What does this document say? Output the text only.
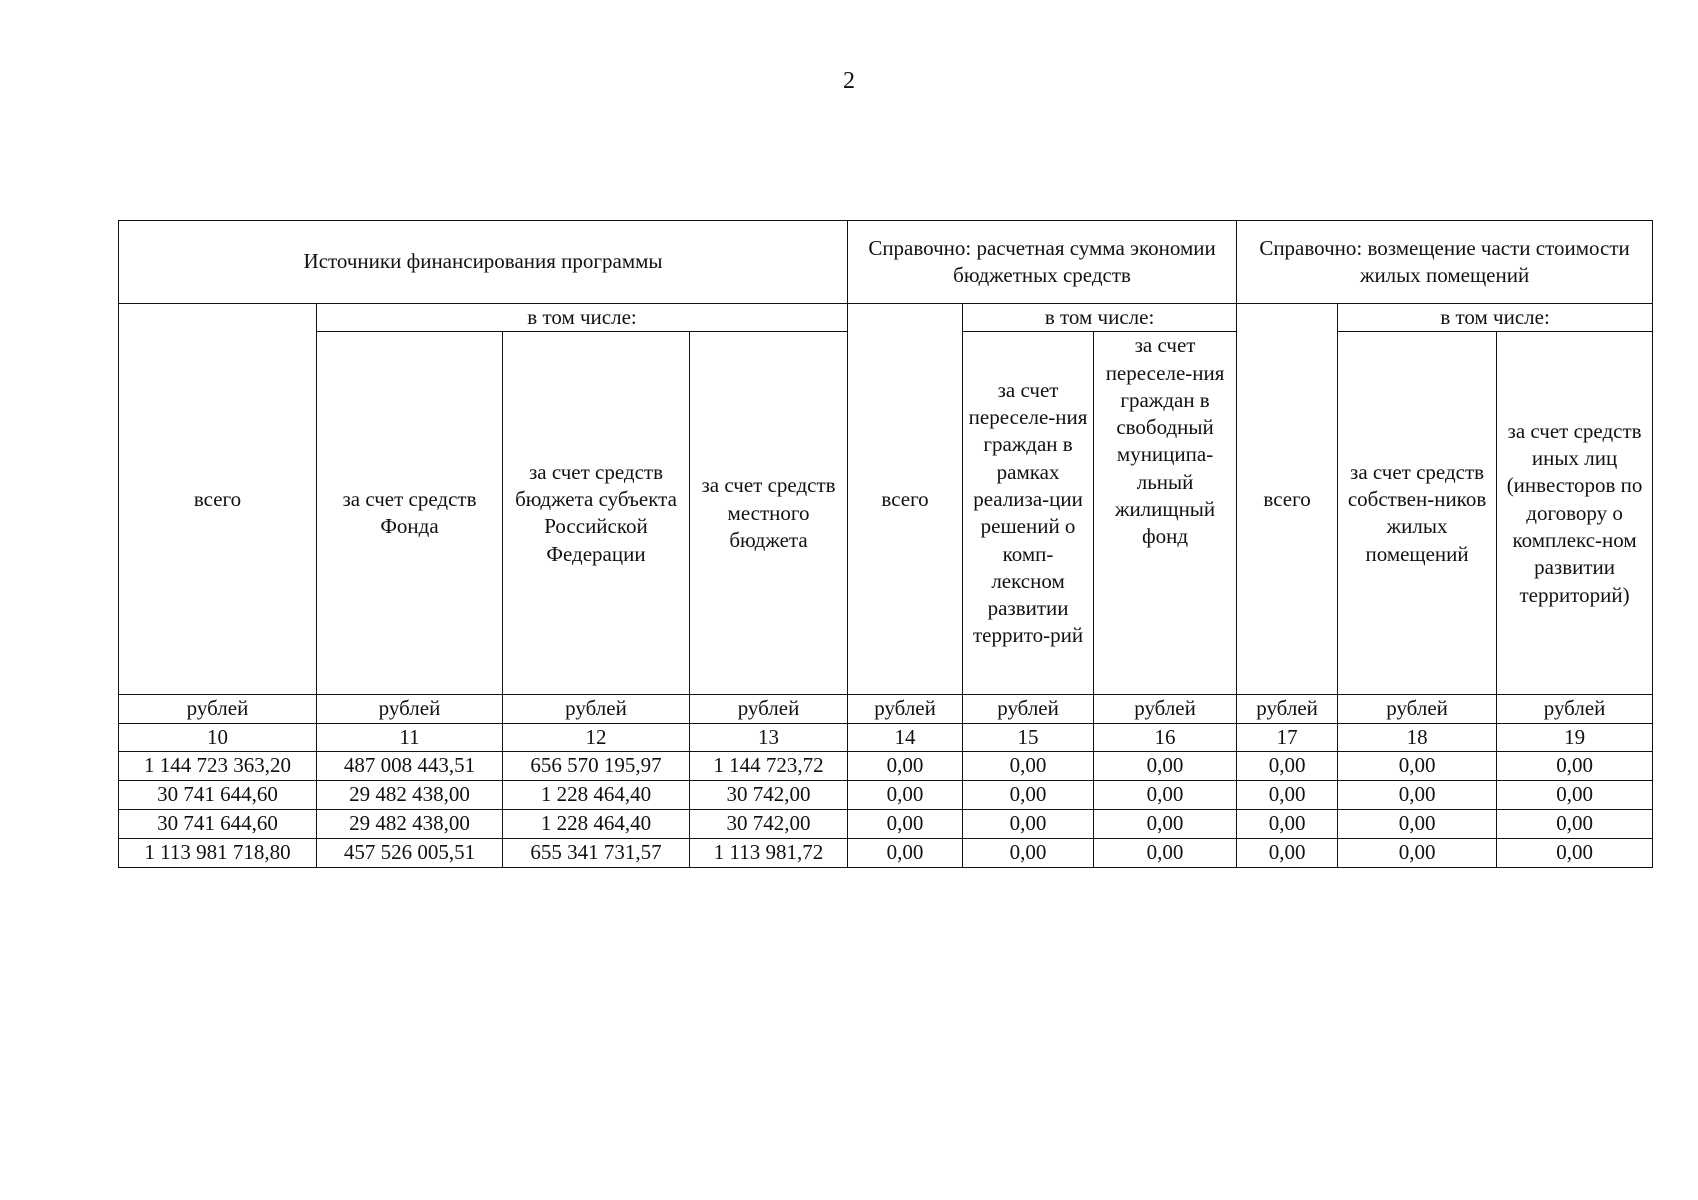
2
Источники финансирования программы				Справочно: расчетная сумма экономии бюджетных средств			Справочно: возмещение части стоимости жилых помещений		
всего	в том числе:			всего	в том числе:		всего	в том числе:	
	за счет средств Фонда	за счет средств бюджета субъекта Российской Федерации	за счет средств местного бюджета		за счет переселе-ния граждан в рамках реализа-ции решений о комп-лексном развитии террито-рий	за счет переселе-ния граждан в свободный муниципа-льный жилищный фонд		за счет средств собствен-ников жилых помещений	за счет средств иных лиц (инвесторов по договору о комплекс-ном развитии территорий)
рублей	рублей	рублей	рублей	рублей	рублей	рублей	рублей	рублей	рублей
10	11	12	13	14	15	16	17	18	19
1 144 723 363,20	487 008 443,51	656 570 195,97	1 144 723,72	0,00	0,00	0,00	0,00	0,00	0,00
30 741 644,60	29 482 438,00	1 228 464,40	30 742,00	0,00	0,00	0,00	0,00	0,00	0,00
30 741 644,60	29 482 438,00	1 228 464,40	30 742,00	0,00	0,00	0,00	0,00	0,00	0,00
1 113 981 718,80	457 526 005,51	655 341 731,57	1 113 981,72	0,00	0,00	0,00	0,00	0,00	0,00
